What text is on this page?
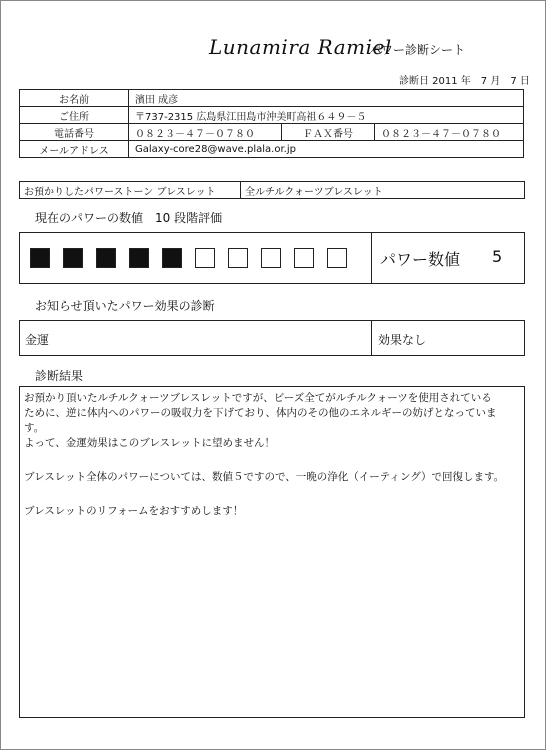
Lunamira Ramiel
パワー診断シート
診断日 2011 年　7 月　7 日
お名前	濱田 成彦		
ご住所	〒737-2315 広島県江田島市沖美町高祖６４９－５		
電話番号	０８２３－４７－０７８０	ＦＡＸ番号	０８２３－４７－０７８０
メールアドレス	Galaxy-core28@wave.plala.or.jp		
お預かりしたパワーストーン ブレスレット	全ルチルクォーツブレスレット
現在のパワーの数値　10 段階評価
パワー数値 5
お知らせ頂いたパワー効果の診断
金運	効果なし
診断結果

お預かり頂いたルチルクォーツブレスレットですが、ビーズ全てがルチルクォーツを使用されている

ために、逆に体内へのパワーの吸収力を下げており、体内のその他のエネルギーの妨げとなっていま

す。

よって、金運効果はこのブレスレットに望めません！

ブレスレット全体のパワーについては、数値５ですので、一晩の浄化（イーティング）で回復します。

ブレスレットのリフォームをおすすめします！
